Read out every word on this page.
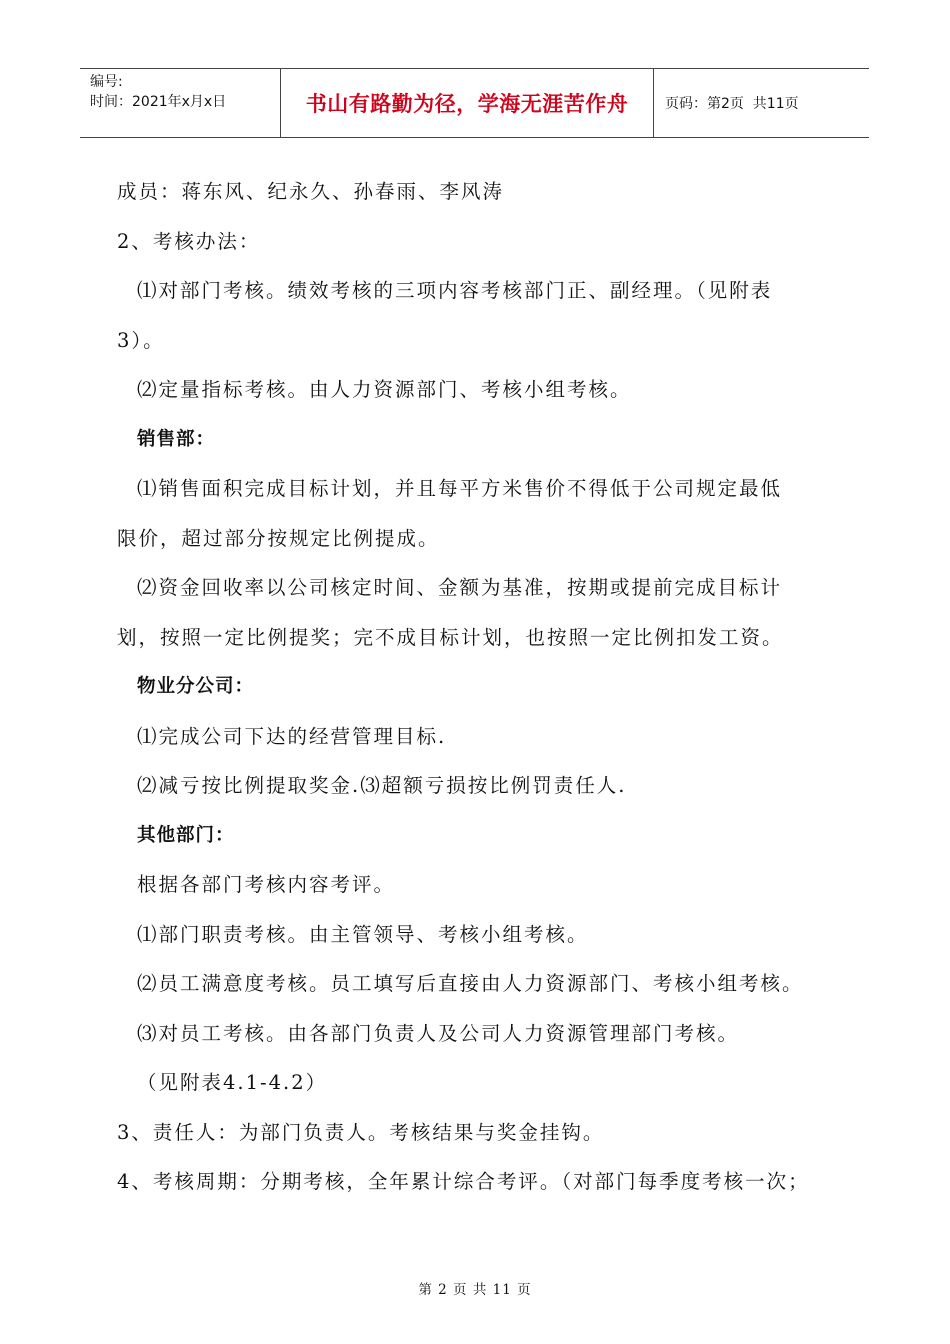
编号:
时间：2021年x月x日	书山有路勤为径，学海无涯苦作舟	页码：第2页  共11页
成员：蒋东风、纪永久、孙春雨、李风涛
2、考核办法：
⑴对部门考核。绩效考核的三项内容考核部门正、副经理。（见附表
3）。
⑵定量指标考核。由人力资源部门、考核小组考核。
销售部：
⑴销售面积完成目标计划，并且每平方米售价不得低于公司规定最低
限价，超过部分按规定比例提成。
⑵资金回收率以公司核定时间、金额为基准，按期或提前完成目标计
划，按照一定比例提奖；完不成目标计划，也按照一定比例扣发工资。
物业分公司：
⑴完成公司下达的经营管理目标.
⑵减亏按比例提取奖金.⑶超额亏损按比例罚责任人.
其他部门：
根据各部门考核内容考评。
⑴部门职责考核。由主管领导、考核小组考核。
⑵员工满意度考核。员工填写后直接由人力资源部门、考核小组考核。
⑶对员工考核。由各部门负责人及公司人力资源管理部门考核。
（见附表4.1-4.2）
3、责任人：为部门负责人。考核结果与奖金挂钩。
4、考核周期：分期考核，全年累计综合考评。（对部门每季度考核一次；
第 2 页 共 11 页
